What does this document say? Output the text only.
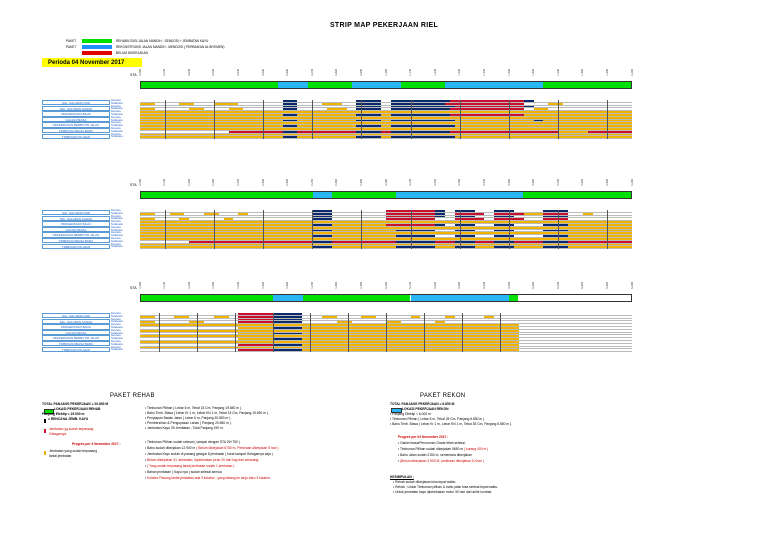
STRIP MAP PEKERJAAN RIEL
PAKET	REHABILITASI JALAN MANDIH - SENDOSI + JEMBATAN KAYU
PAKET	REKONSTRUKSI JALAN MANDIH - MENDOSI ( PERBAIKAN ALINYEMEN)
BELUM DIKERJAKAN
Perioda 04 November 2017
STA 0+000	0+100	0+200	0+300	0+400	0+500	0+600	0+700	0+800	0+900	1+000	1+100	1+200	1+300	1+400	1+500	1+600	1+700	1+800	1+900	2+000
SAL. SALURAN KIRI
Rencana
Terlaksana
SAL. SALURAN KANAN
Rencana
Terlaksana
PENGERASAN BAHU
Rencana
Terlaksana
GALIAN BIASA
Rencana
Terlaksana
PERKERASAN BERBUTIR JALAN
Rencana
Terlaksana
TIMBUNAN BIASA BARU
Rencana
Terlaksana
TIMBUNAN PILIHAN
Rencana
Terlaksana
STA 2+000	2+100	2+200	2+300	2+400	2+500	2+600	2+700	2+800	2+900	3+000	3+100	3+200	3+300	3+400	3+500	3+600	3+700	3+800	3+900	4+000
SAL. SALURAN KIRI
Rencana
Terlaksana
SAL. SALURAN KANAN
Rencana
Terlaksana
PENGERASAN BAHU
Rencana
Terlaksana
GALIAN BIASA
Rencana
Terlaksana
PERKERASAN BERBUTIR JALAN
Rencana
Terlaksana
TIMBUNAN BIASA BARU
Rencana
Terlaksana
TIMBUNAN PILIHAN
Rencana
Terlaksana
STA 4+000	4+100	4+200	4+300	4+400	4+500	4+600	4+700	4+800	4+900	5+000	5+100	5+200	5+300	5+400	5+500	5+600	5+700	5+800	5+900	6+000
SAL. SALURAN KIRI
Rencana
Terlaksana
SAL. SALURAN KANAN
Rencana
Terlaksana
PENGERASAN BAHU
Rencana
Terlaksana
GALIAN BIASA
Rencana
Terlaksana
PERKERASAN BERBUTIR JALAN
Rencana
Terlaksana
TIMBUNAN BIASA BARU
Rencana
Terlaksana
TIMBUNAN PILIHAN
Rencana
Terlaksana
PAKET REHAB
TOTAL PANJANG PEKERJAAN = 20.800 M
LOKASI PEKERJAAN REHAB
Panjang Efektip = 19.000 m
= RENCANA JEMB. KAYU
Jembatan yg sudah terpasang Gelagarnya.
Progres per 4 November 2017 :
Jembatan yang sudah terpasang lantai jembatan
• Timbunan Pilihan ( Lebar 6 m, Tebal 15 Cm, Panjang 19.650 m ).
• Bahu Timb. Biasa ( Lebar Kr 1 m, Lebar KN 1 m, Tebal 15 Cm, Panjang 19.650 m ).
• Penyiapan Badan Jalan ( Lebar 6 m, Panjang 20.850 m ).
• Pembersihan & Pengupasan Lahan ( Panjang 20.850 m ).
• Jembatan Kayu 39 Jembatan ; Total Panjang 190 m.
• Timbunan Pilihan sudah selesai ( sampai dengan STA 26+750 )
• Bahu sudah dikerjakan 12.900 m ( Belum dikerjakan 6750 m, Perkiraan dikerjakan 5 hari )
• Jembatan Kayu sudah di pasang gelagar 8 jembatan ( kurai sampai Gelagarnya saja )
• Belum dikerjakan 31 Jembatan, diperkirakan perlu 20 hari lagi dari sekarang.
• ( Yang sudah terpasang lantai jembatan sudah 1 jembatan )
• Bahan jembatan ( Kayu nya ) sudah selesai semua
• Kolabor Pasang lantai jembatan ada 3 kolabor , yang datang ke lanju baru 3 kolabor.
PAKET REKON
TOTAL PANJANG PEKERJAAN = 6.850 M
LOKASI PEKERJAAN REKON
• Panjang Efektip = 6.000 m
• Timbunan Pilihan ( Lebar 6 m, Tebal 25 Cm, Panjang 6.850 m ).
• Bahu Timb. Biasa ( Lebar Kr 1 m, Lebar KN 1 m, Tebal 35 Cm, Panjang 6.850 m ).
Progres per 04 November 2017 :
• Galian biasa/Penurunan Grade telah selesai.
• Timbunan Pilihan sudah dikerjakan 5650 m ( kurang 400 m )
• Bahu Jalan sudah 2150 m, sementara dikerjakan
• (Belum dikerjakan 3 900 M, perkiraan dikerjakan 10 hari )
KESIMPULAN :
• Rehab sudah dikerjakan bisa tepat waktu.
• Rehab ; Untuk Timbunan pilihan & bahu jalan bisa selesai tepat waktu.
• Untuk jembatan kayu diperkirakan molor 30 hari dari akhir kontrak.
